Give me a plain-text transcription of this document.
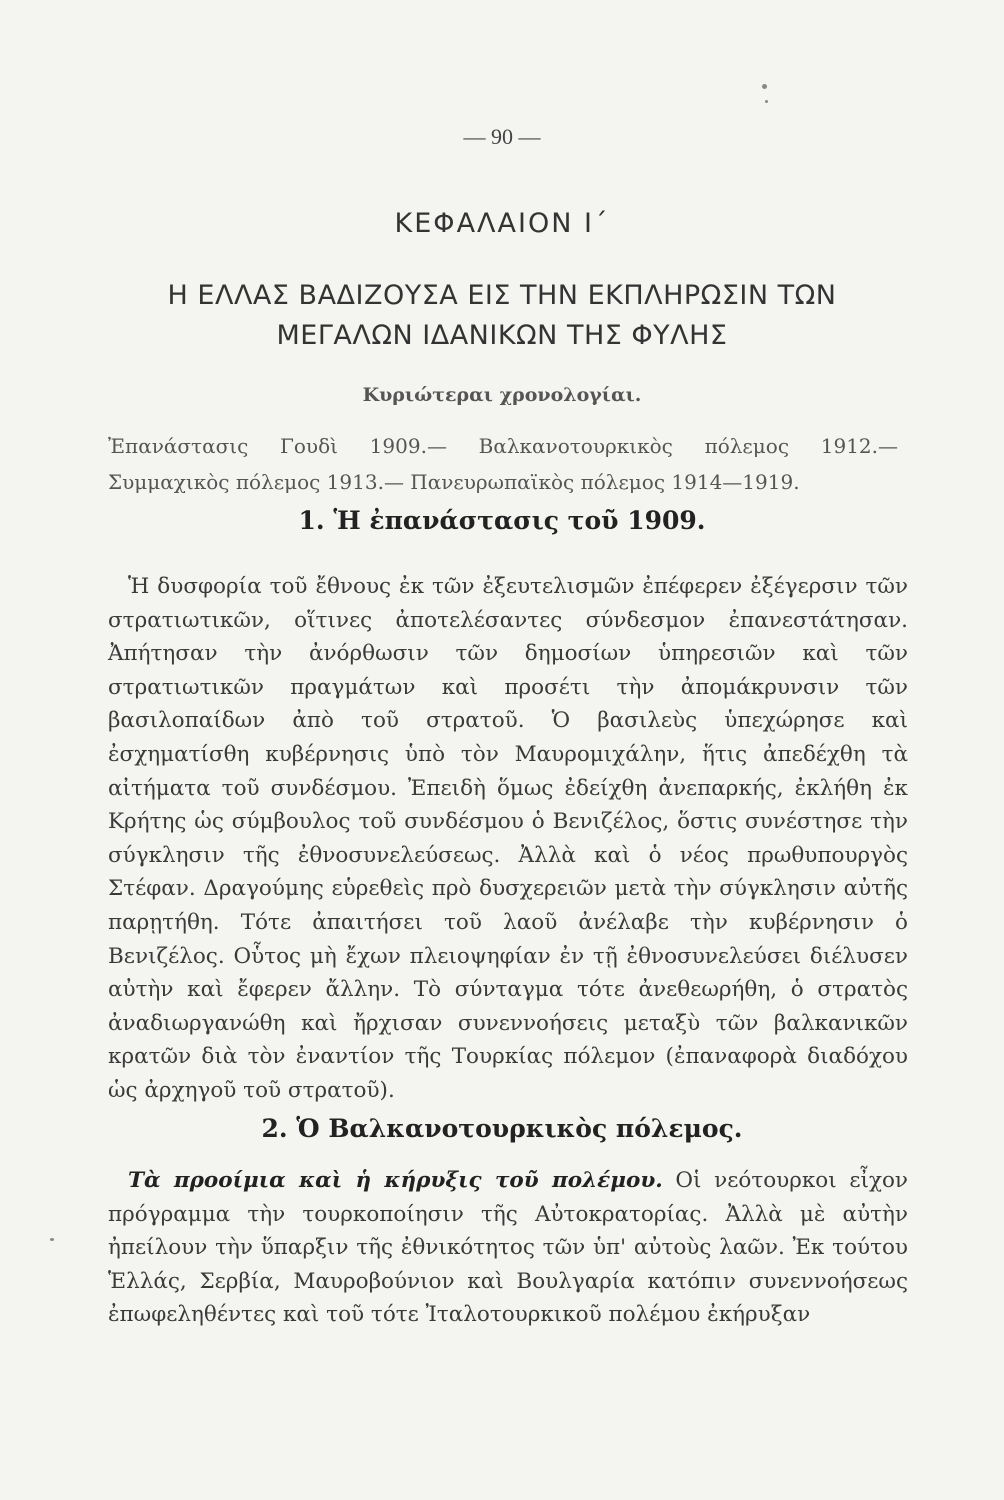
— 90 —
ΚΕΦΑΛΑΙΟΝ Ι΄
Η ΕΛΛΑΣ ΒΑΔΙΖΟΥΣΑ ΕΙΣ ΤΗΝ ΕΚΠΛΗΡΩΣΙΝ ΤΩΝ
ΜΕΓΑΛΩΝ ΙΔΑΝΙΚΩΝ ΤΗΣ ΦΥΛΗΣ
Κυριώτεραι χρονολογίαι.
Ἐπανάστασις Γουδὶ 1909.— Βαλκανοτουρκικὸς πόλεμος 1912.— Συμμαχικὸς πόλεμος 1913.— Πανευρωπαϊκὸς πόλεμος 1914—1919.
1. Ἡ ἐπανάστασις τοῦ 1909.
Ἡ δυσφορία τοῦ ἔθνους ἐκ τῶν ἐξευτελισμῶν ἐπέφερεν ἐξέγερσιν τῶν στρατιωτικῶν, οἵτινες ἀποτελέσαντες σύνδεσμον ἐπανεστάτησαν. Ἀπήτησαν τὴν ἀνόρθωσιν τῶν δημοσίων ὑπηρεσιῶν καὶ τῶν στρατιωτικῶν πραγμάτων καὶ προσέτι τὴν ἀπομάκρυνσιν τῶν βασιλοπαίδων ἀπὸ τοῦ στρατοῦ. Ὁ βασιλεὺς ὑπεχώρησε καὶ ἐσχηματίσθη κυβέρνησις ὑπὸ τὸν Μαυρομιχάλην, ἥτις ἀπεδέχθη τὰ αἰτήματα τοῦ συνδέσμου. Ἐπειδὴ ὅμως ἐδείχθη ἀνεπαρκής, ἐκλήθη ἐκ Κρήτης ὡς σύμβουλος τοῦ συνδέσμου ὁ Βενιζέλος, ὅστις συνέστησε τὴν σύγκλησιν τῆς ἐθνοσυνελεύσεως. Ἀλλὰ καὶ ὁ νέος πρωθυπουργὸς Στέφαν. Δραγούμης εὑρεθεὶς πρὸ δυσχερειῶν μετὰ τὴν σύγκλησιν αὐτῆς παρῃτήθη. Τότε ἀπαιτήσει τοῦ λαοῦ ἀνέλαβε τὴν κυβέρνησιν ὁ Βενιζέλος. Οὗτος μὴ ἔχων πλειοψηφίαν ἐν τῇ ἐθνοσυνελεύσει διέλυσεν αὐτὴν καὶ ἔφερεν ἄλλην. Τὸ σύνταγμα τότε ἀνεθεωρήθη, ὁ στρατὸς ἀναδιωργανώθη καὶ ἤρχισαν συνεννοήσεις μεταξὺ τῶν βαλκανικῶν κρατῶν διὰ τὸν ἐναντίον τῆς Τουρκίας πόλεμον (ἐπαναφορὰ διαδόχου ὡς ἀρχηγοῦ τοῦ στρατοῦ).
2. Ὁ Βαλκανοτουρκικὸς πόλεμος.
Τὰ προοίμια καὶ ἡ κήρυξις τοῦ πολέμου. Οἱ νεότουρκοι εἶχον πρόγραμμα τὴν τουρκοποίησιν τῆς Αὐτοκρατορίας. Ἀλλὰ μὲ αὐτὴν ἠπείλουν τὴν ὕπαρξιν τῆς ἐθνικότητος τῶν ὑπ' αὐτοὺς λαῶν. Ἐκ τούτου Ἑλλάς, Σερβία, Μαυροβούνιον καὶ Βουλγαρία κατόπιν συνεννοήσεως ἐπωφεληθέντες καὶ τοῦ τότε Ἰταλοτουρκικοῦ πολέμου ἐκήρυξαν
